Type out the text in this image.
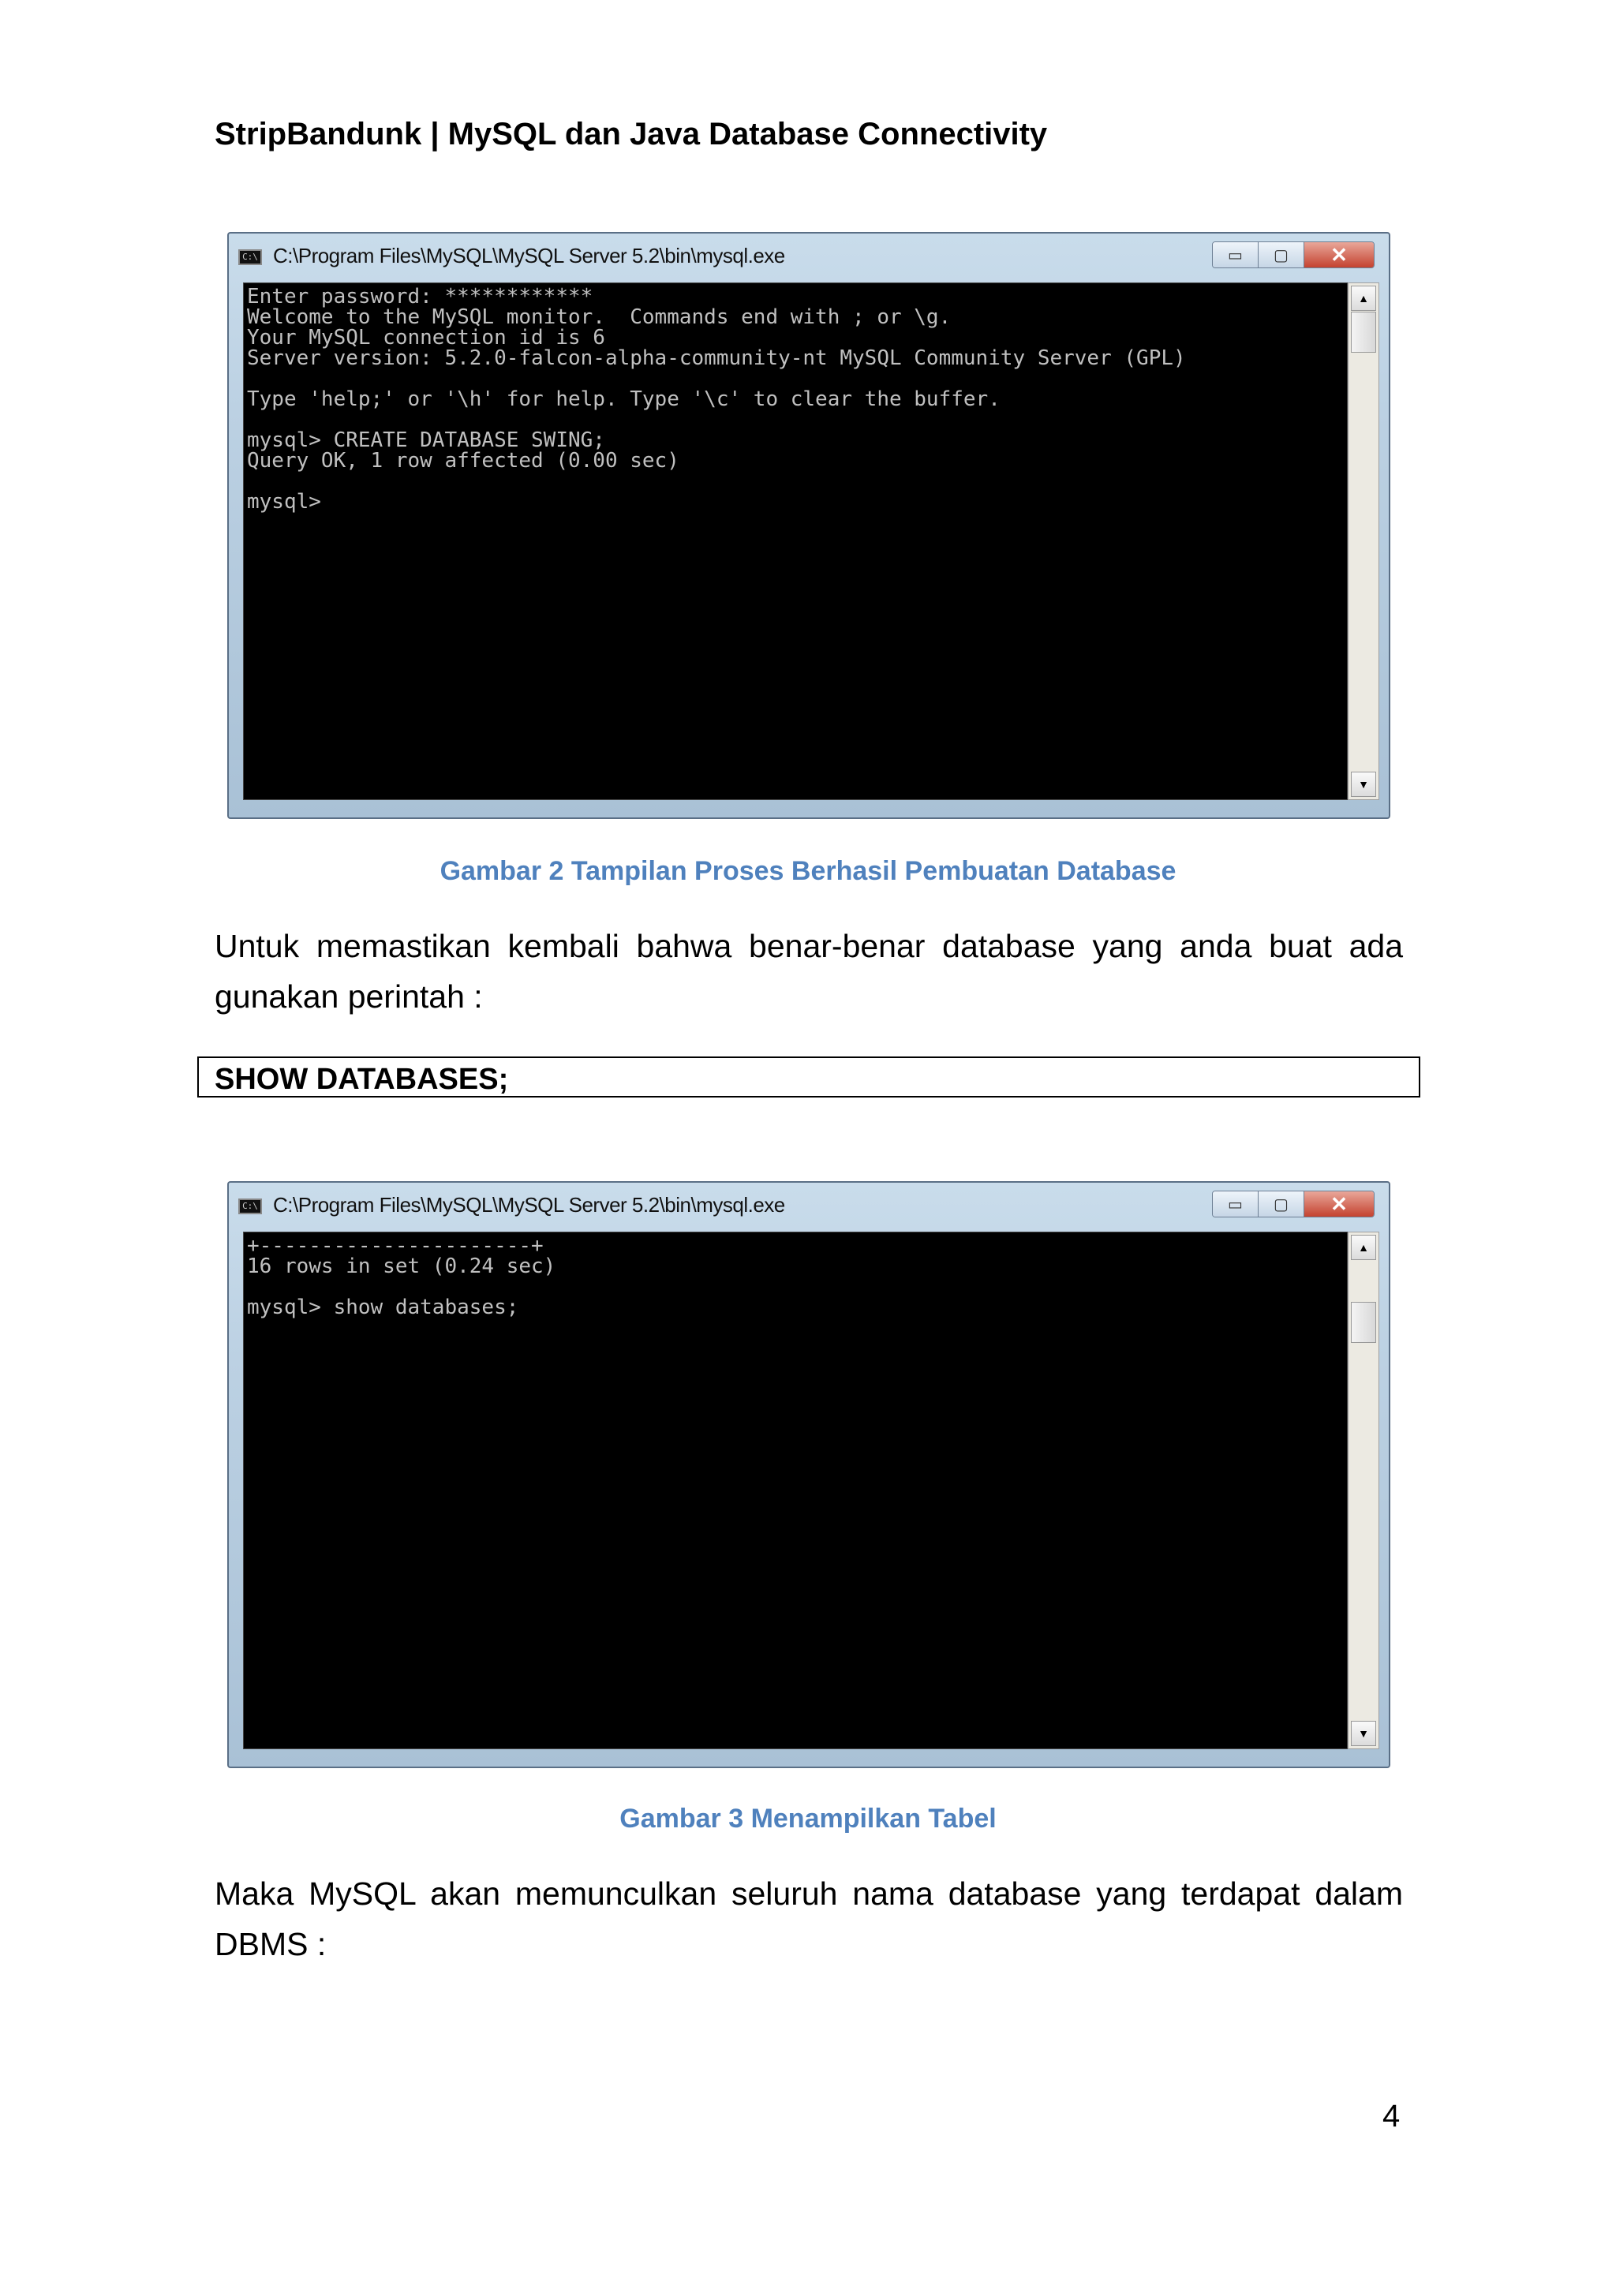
StripBandunk | MySQL dan Java Database Connectivity
C:\ C:\Program Files\MySQL\MySQL Server 5.2\bin\mysql.exe	▭	▢	✕
Enter password: ************
Welcome to the MySQL monitor.  Commands end with ; or \g.
Your MySQL connection id is 6
Server version: 5.2.0-falcon-alpha-community-nt MySQL Community Server (GPL)

Type 'help;' or '\h' for help. Type '\c' to clear the buffer.

mysql> CREATE DATABASE SWING;
Query OK, 1 row affected (0.00 sec)

mysql>
▲
▼
Gambar 2 Tampilan Proses Berhasil Pembuatan Database
Untuk memastikan kembali bahwa benar-benar database yang anda buat ada gunakan perintah :
SHOW DATABASES;
C:\ C:\Program Files\MySQL\MySQL Server 5.2\bin\mysql.exe	▭	▢	✕
+----------------------+
16 rows in set (0.24 sec)

mysql> show databases;
▲
▼
Gambar 3 Menampilkan Tabel
Maka MySQL akan memunculkan seluruh nama database yang terdapat dalam DBMS :
4
